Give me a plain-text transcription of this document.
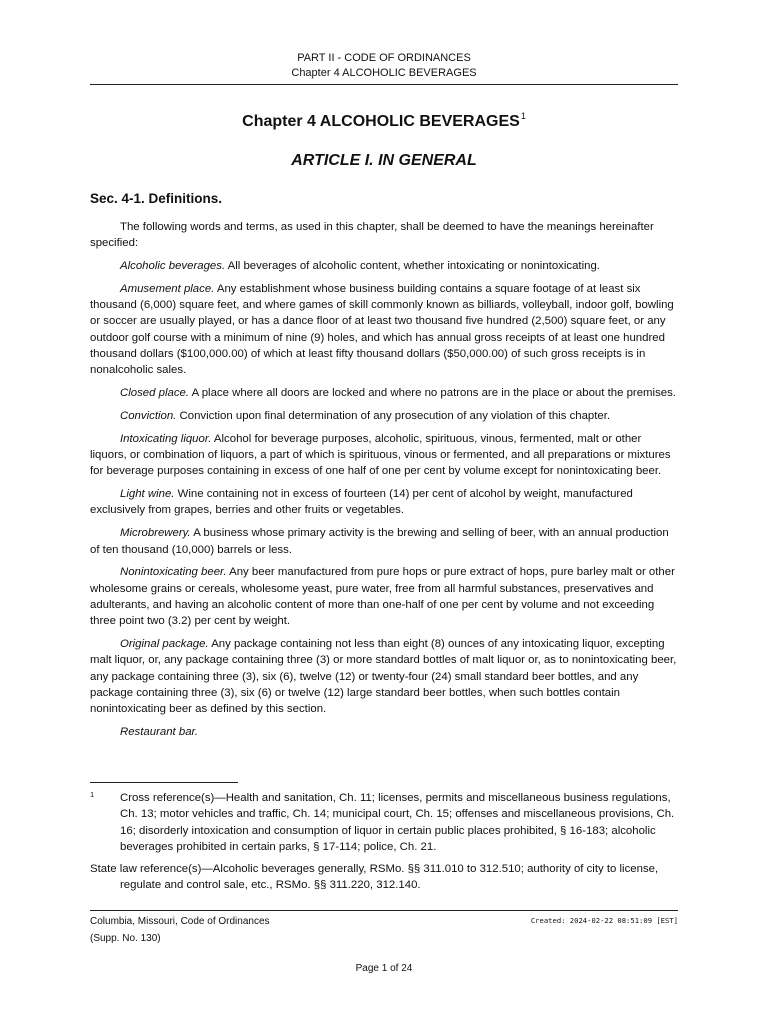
PART II - CODE OF ORDINANCES
Chapter 4 ALCOHOLIC BEVERAGES
Chapter 4 ALCOHOLIC BEVERAGES$^1$
ARTICLE I. IN GENERAL
Sec. 4-1. Definitions.

The following words and terms, as used in this chapter, shall be deemed to have the meanings hereinafter specified:

Alcoholic beverages. All beverages of alcoholic content, whether intoxicating or nonintoxicating.

Amusement place. Any establishment whose business building contains a square footage of at least six thousand (6,000) square feet, and where games of skill commonly known as billiards, volleyball, indoor golf, bowling or soccer are usually played, or has a dance floor of at least two thousand five hundred (2,500) square feet, or any outdoor golf course with a minimum of nine (9) holes, and which has annual gross receipts of at least one hundred thousand dollars ($100,000.00) of which at least fifty thousand dollars ($50,000.00) of such gross receipts is in nonalcoholic sales.

Closed place. A place where all doors are locked and where no patrons are in the place or about the premises.

Conviction. Conviction upon final determination of any prosecution of any violation of this chapter.

Intoxicating liquor. Alcohol for beverage purposes, alcoholic, spirituous, vinous, fermented, malt or other liquors, or combination of liquors, a part of which is spirituous, vinous or fermented, and all preparations or mixtures for beverage purposes containing in excess of one half of one per cent by volume except for nonintoxicating beer.

Light wine. Wine containing not in excess of fourteen (14) per cent of alcohol by weight, manufactured exclusively from grapes, berries and other fruits or vegetables.

Microbrewery. A business whose primary activity is the brewing and selling of beer, with an annual production of ten thousand (10,000) barrels or less.

Nonintoxicating beer. Any beer manufactured from pure hops or pure extract of hops, pure barley malt or other wholesome grains or cereals, wholesome yeast, pure water, free from all harmful substances, preservatives and adulterants, and having an alcoholic content of more than one-half of one per cent by volume and not exceeding three point two (3.2) per cent by weight.

Original package. Any package containing not less than eight (8) ounces of any intoxicating liquor, excepting malt liquor, or, any package containing three (3) or more standard bottles of malt liquor or, as to nonintoxicating beer, any package containing three (3), six (6), twelve (12) or twenty-four (24) small standard beer bottles, and any package containing three (3), six (6) or twelve (12) large standard beer bottles, when such bottles contain nonintoxicating beer as defined by this section.

Restaurant bar.

1 Cross reference(s)—Health and sanitation, Ch. 11; licenses, permits and miscellaneous business regulations, Ch. 13; motor vehicles and traffic, Ch. 14; municipal court, Ch. 15; offenses and miscellaneous provisions, Ch. 16; disorderly intoxication and consumption of liquor in certain public places prohibited, § 16-183; alcoholic beverages prohibited in certain parks, § 17-114; police, Ch. 21.
State law reference(s)—Alcoholic beverages generally, RSMo. §§ 311.010 to 312.510; authority of city to license, regulate and control sale, etc., RSMo. §§ 311.220, 312.140.
Columbia, Missouri, Code of Ordinances
(Supp. No. 130)
Created: 2024-02-22 08:51:09 [EST]
Page 1 of 24
